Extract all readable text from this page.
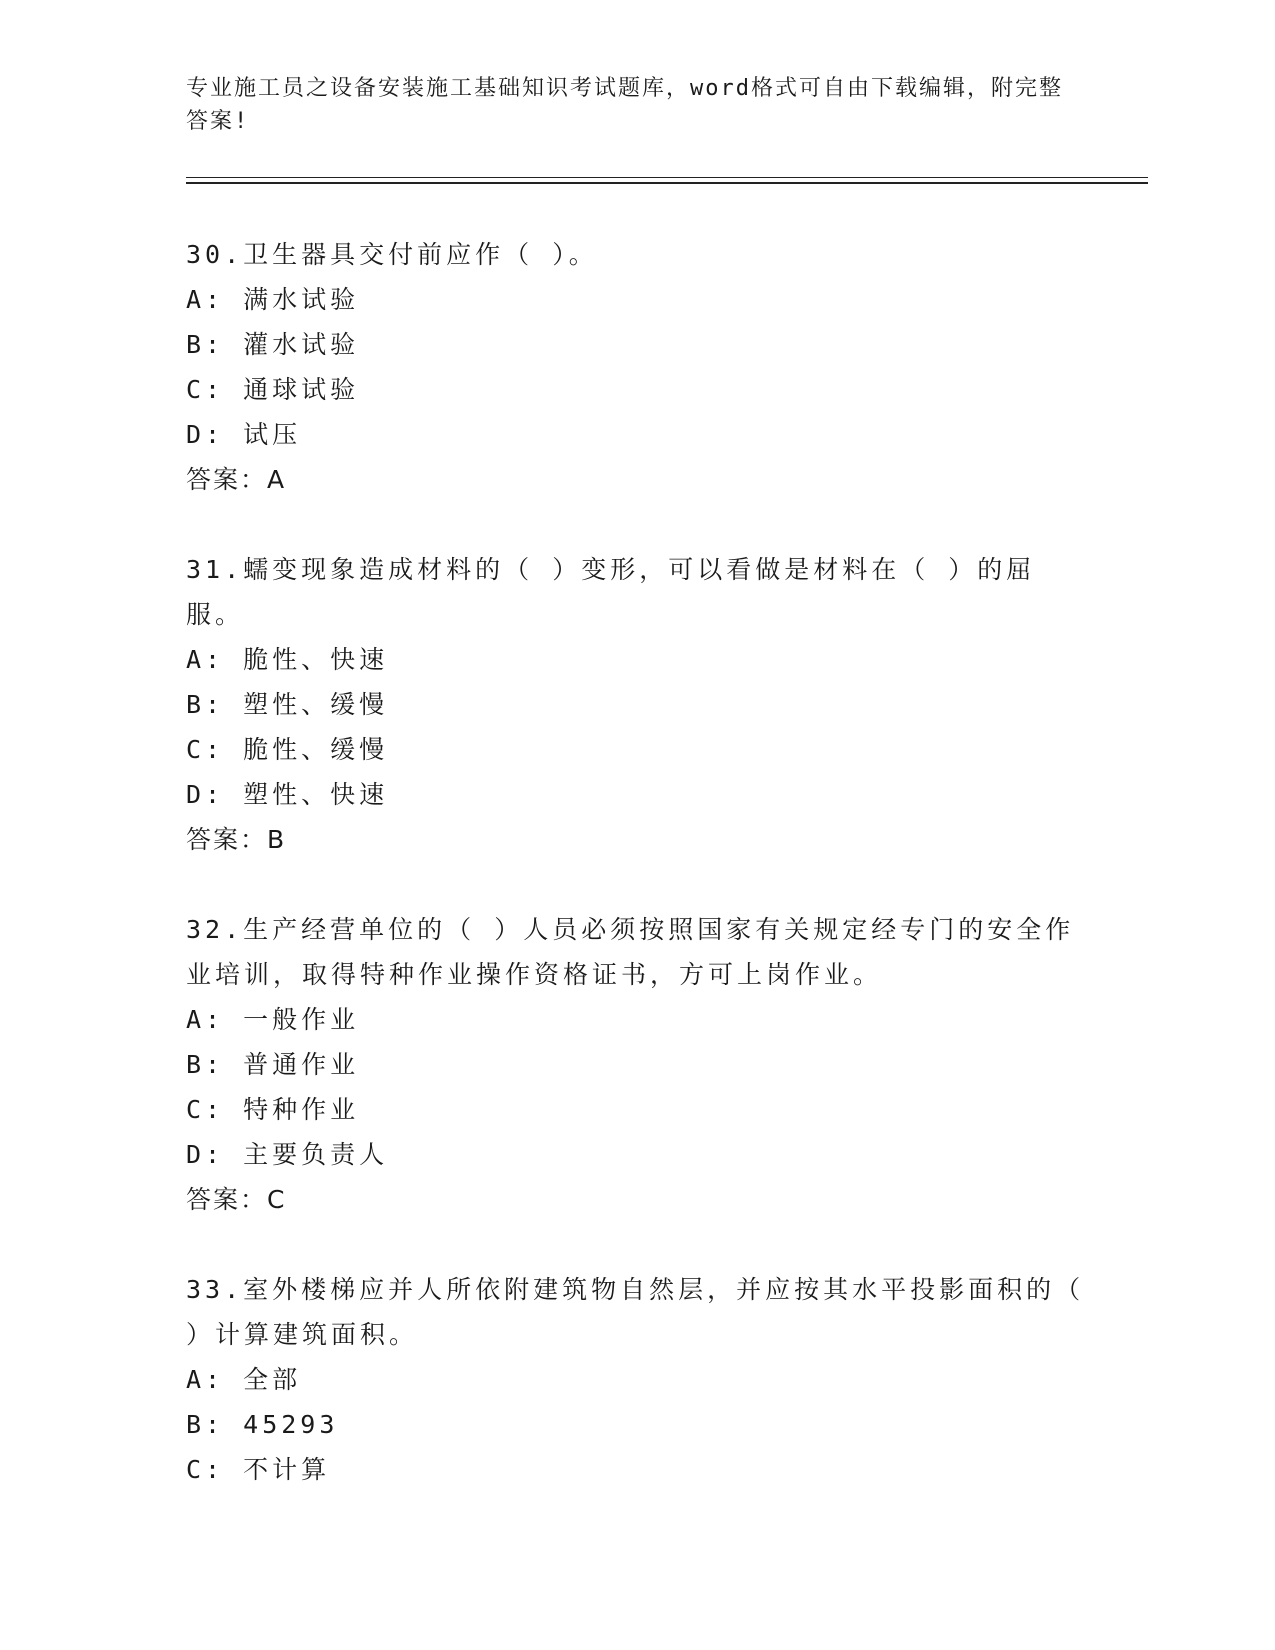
专业施工员之设备安装施工基础知识考试题库，word格式可自由下载编辑，附完整答案!

30.卫生器具交付前应作（ ）。

A: 满水试验

B: 灌水试验

C: 通球试验

D: 试压

答案：A

31.蠕变现象造成材料的（ ）变形，可以看做是材料在（ ）的屈服。

A: 脆性、快速

B: 塑性、缓慢

C: 脆性、缓慢

D: 塑性、快速

答案：B

32.生产经营单位的（ ）人员必须按照国家有关规定经专门的安全作业培训，取得特种作业操作资格证书，方可上岗作业。

A: 一般作业

B: 普通作业

C: 特种作业

D: 主要负责人

答案：C

33.室外楼梯应并人所依附建筑物自然层，并应按其水平投影面积的（ ）计算建筑面积。

A: 全部

B: 45293

C: 不计算
